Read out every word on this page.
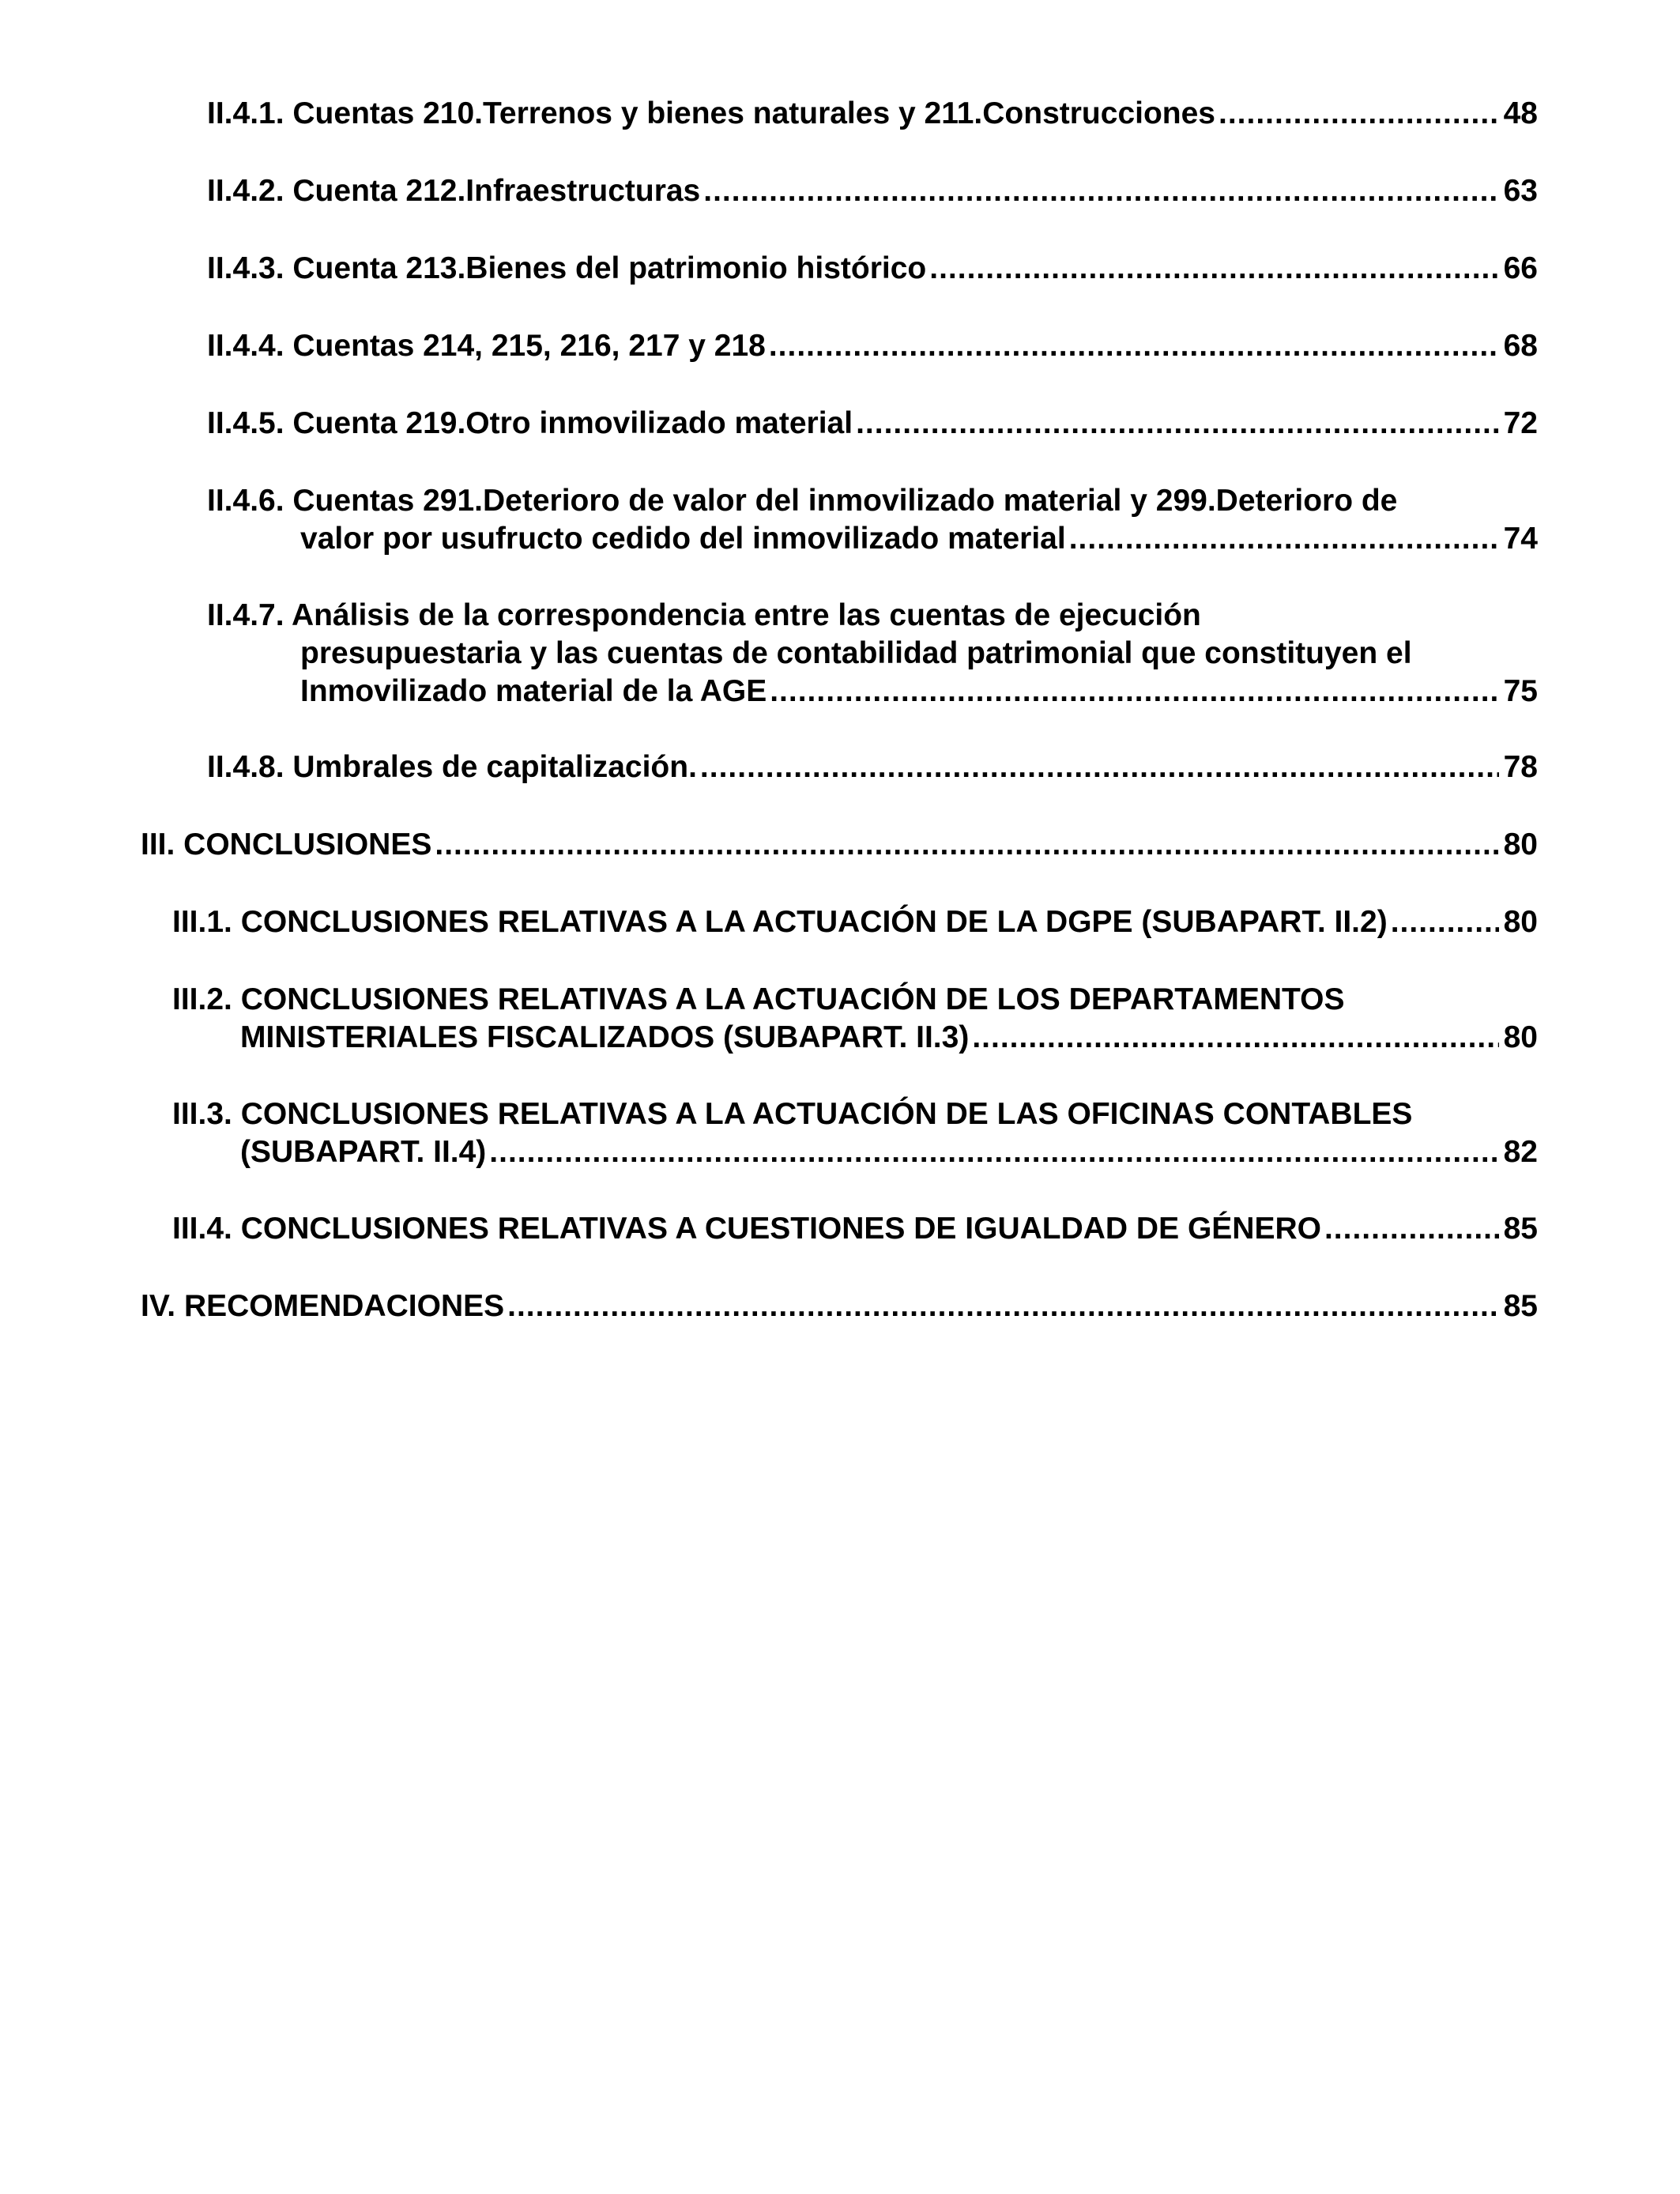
II.4.1. Cuentas 210.Terrenos y bienes naturales y 211.Construcciones .....	48
II.4.2. Cuenta 212.Infraestructuras .....	63
II.4.3. Cuenta 213.Bienes del patrimonio histórico .....	66
II.4.4. Cuentas 214, 215, 216, 217 y 218 .....	68
II.4.5. Cuenta 219.Otro inmovilizado material .....	72
II.4.6. Cuentas 291.Deterioro de valor del inmovilizado material y 299.Deterioro de
valor por usufructo cedido del inmovilizado material .....	74
II.4.7. Análisis de la correspondencia entre las cuentas de ejecución
presupuestaria y las cuentas de contabilidad patrimonial que constituyen el
Inmovilizado material de la AGE .....	75
II.4.8. Umbrales de capitalización. .....	78
III. CONCLUSIONES .....	80
III.1. CONCLUSIONES RELATIVAS A LA ACTUACIÓN DE LA DGPE (SUBAPART. II.2) .....	80
III.2. CONCLUSIONES RELATIVAS A LA ACTUACIÓN DE LOS DEPARTAMENTOS
MINISTERIALES FISCALIZADOS (SUBAPART. II.3) .....	80
III.3. CONCLUSIONES RELATIVAS A LA ACTUACIÓN DE LAS OFICINAS CONTABLES
(SUBAPART. II.4) .....	82
III.4. CONCLUSIONES RELATIVAS A CUESTIONES DE IGUALDAD DE GÉNERO .....	85
IV. RECOMENDACIONES .....	85
